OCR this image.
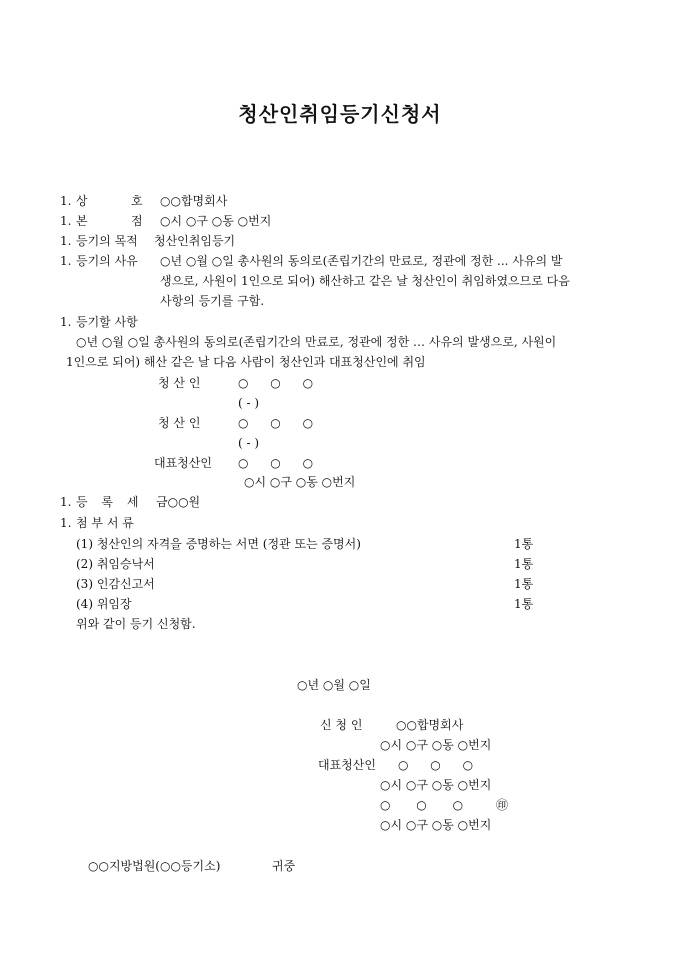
청산인취임등기신청서
1. 상	호 ○○합명회사
1. 본	점 ○시 ○구 ○동 ○번지
1. 등기의 목적 청산인취임등기
1. 등기의 사유 ○년 ○월 ○일 총사원의 동의로(존립기간의 만료로, 정관에 정한 ... 사유의 발
생으로, 사원이 1인으로 되어) 해산하고 같은 날 청산인이 취임하였으므로 다음
사항의 등기를 구함.
1. 등기할 사항
○년 ○월 ○일 총사원의 동의로(존립기간의 만료로, 정관에 정한 … 사유의 발생으로, 사원이
1인으로 되어) 해산 같은 날 다음 사람이 청산인과 대표청산인에 취임
청 산 인	○ ○ ○
( - )
청 산 인	○ ○ ○
( - )
대표청산인 ○ ○ ○
○시 ○구 ○동 ○번지
1. 등 록 세 금○○원
1. 첨 부 서 류
(1) 청산인의 자격을 증명하는 서면 (정관 또는 증명서)	1통
(2) 취임승낙서	1통
(3) 인감신고서	1통
(4) 위임장	1통
위와 같이 등기 신청함.
○년 ○월 ○일
신 청 인	○○합명회사
○시 ○구 ○동 ○번지
대표청산인 ○ ○ ○
○시 ○구 ○동 ○번지
○ ○ ○	㊞
○시 ○구 ○동 ○번지
○○지방법원(○○등기소)	귀중
